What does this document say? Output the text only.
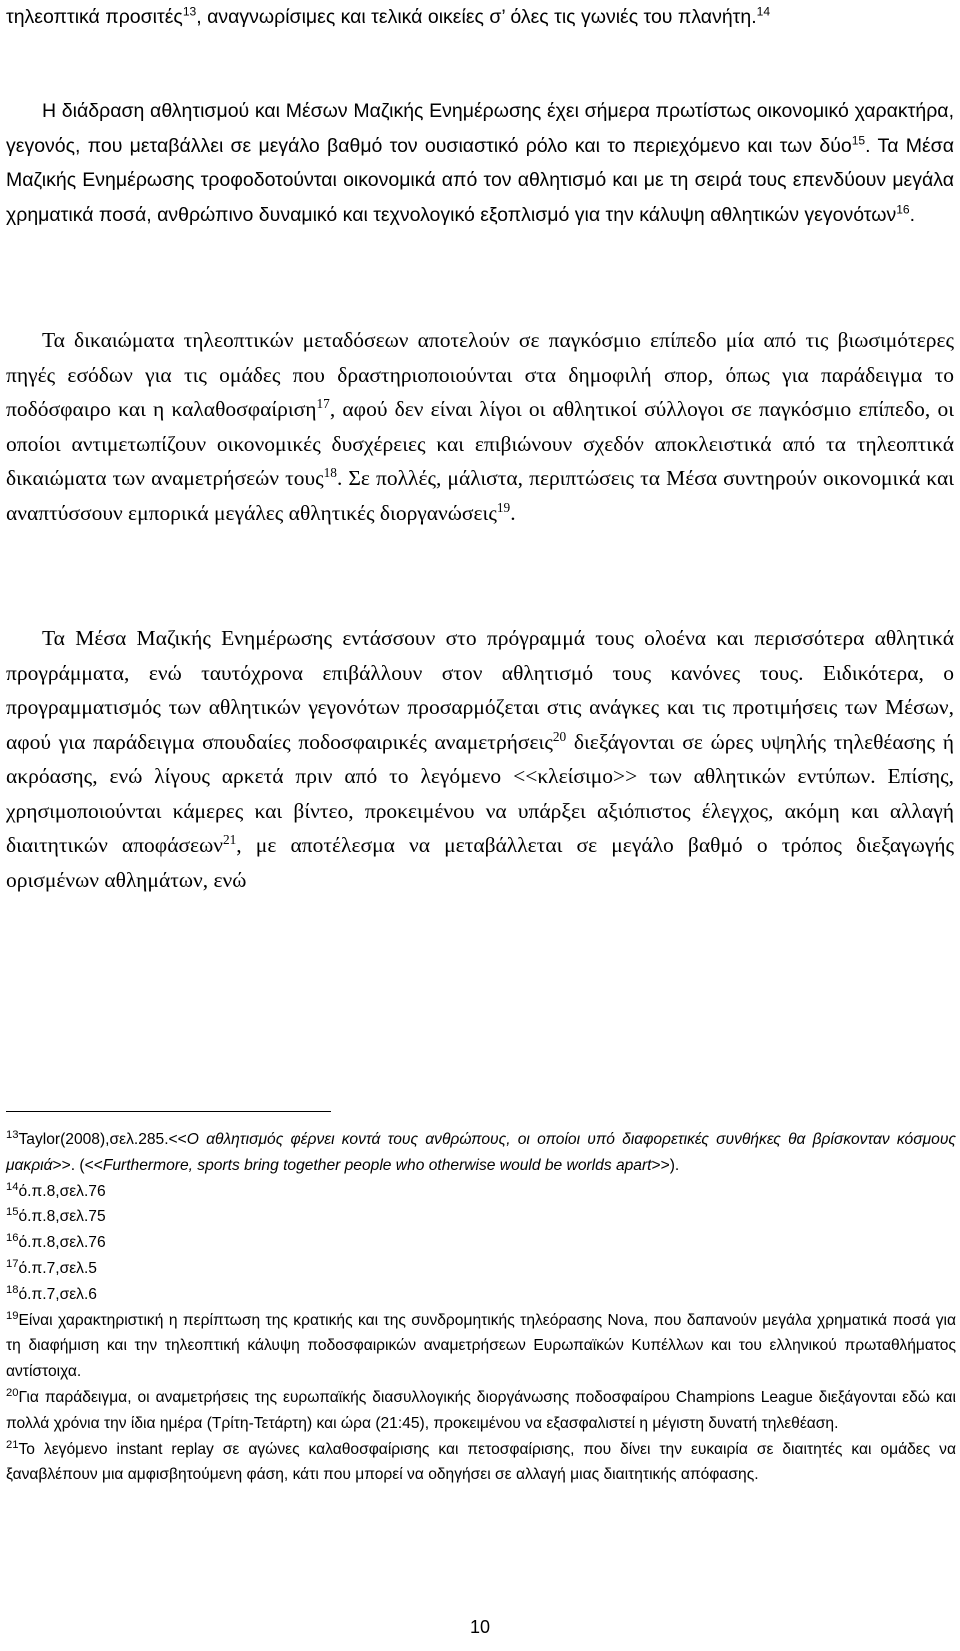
τηλεοπτικά προσιτές$^{13}$, αναγνωρίσιμες και τελικά οικείες σ’ όλες τις γωνιές του πλανήτη.$^{14}$

Η διάδραση αθλητισμού και Μέσων Μαζικής Ενημέρωσης έχει σήμερα πρωτίστως οικονομικό χαρακτήρα, γεγονός, που μεταβάλλει σε μεγάλο βαθμό τον ουσιαστικό ρόλο και το περιεχόμενο και των δύο$^{15}$. Τα Μέσα Μαζικής Ενημέρωσης τροφοδοτούνται οικονομικά από τον αθλητισμό και με τη σειρά τους επενδύουν μεγάλα χρηματικά ποσά, ανθρώπινο δυναμικό και τεχνολογικό εξοπλισμό για την κάλυψη αθλητικών γεγονότων$^{16}$.

Τα δικαιώματα τηλεοπτικών μεταδόσεων αποτελούν σε παγκόσμιο επίπεδο μία από τις βιωσιμότερες πηγές εσόδων για τις ομάδες που δραστηριοποιούνται στα δημοφιλή σπορ, όπως για παράδειγμα το ποδόσφαιρο και η καλαθοσφαίριση$^{17}$, αφού δεν είναι λίγοι οι αθλητικοί σύλλογοι σε παγκόσμιο επίπεδο, οι οποίοι αντιμετωπίζουν οικονομικές δυσχέρειες και επιβιώνουν σχεδόν αποκλειστικά από τα τηλεοπτικά δικαιώματα των αναμετρήσεών τους$^{18}$. Σε πολλές, μάλιστα, περιπτώσεις τα Μέσα συντηρούν οικονομικά και αναπτύσσουν εμπορικά μεγάλες αθλητικές διοργανώσεις$^{19}$.

Τα Μέσα Μαζικής Ενημέρωσης εντάσσουν στο πρόγραμμά τους ολοένα και περισσότερα αθλητικά προγράμματα, ενώ ταυτόχρονα επιβάλλουν στον αθλητισμό τους κανόνες τους. Ειδικότερα, ο προγραμματισμός των αθλητικών γεγονότων προσαρμόζεται στις ανάγκες και τις προτιμήσεις των Μέσων, αφού για παράδειγμα σπουδαίες ποδοσφαιρικές αναμετρήσεις$^{20}$ διεξάγονται σε ώρες υψηλής τηλεθέασης ή ακρόασης, ενώ λίγους αρκετά πριν από το λεγόμενο <<κλείσιμο>> των αθλητικών εντύπων. Επίσης, χρησιμοποιούνται κάμερες και βίντεο, προκειμένου να υπάρξει αξιόπιστος έλεγχος, ακόμη και αλλαγή διαιτητικών αποφάσεων$^{21}$, με αποτέλεσμα να μεταβάλλεται σε μεγάλο βαθμό ο τρόπος διεξαγωγής ορισμένων αθλημάτων, ενώ

$^{13}$Taylor(2008),σελ.285.<<Ο αθλητισμός φέρνει κοντά τους ανθρώπους, οι οποίοι υπό διαφορετικές συνθήκες θα βρίσκονταν κόσμους μακριά>>. (<<Furthermore, sports bring together people who otherwise would be worlds apart>>).

$^{14}$ό.π.8,σελ.76

$^{15}$ό.π.8,σελ.75

$^{16}$ό.π.8,σελ.76

$^{17}$ό.π.7,σελ.5

$^{18}$ό.π.7,σελ.6

$^{19}$Είναι χαρακτηριστική η περίπτωση της κρατικής και της συνδρομητικής τηλεόρασης Nova, που δαπανούν μεγάλα χρηματικά ποσά για τη διαφήμιση και την τηλεοπτική κάλυψη ποδοσφαιρικών αναμετρήσεων Ευρωπαϊκών Κυπέλλων και του ελληνικού πρωταθλήματος αντίστοιχα.

$^{20}$Για παράδειγμα, οι αναμετρήσεις της ευρωπαϊκής διασυλλογικής διοργάνωσης ποδοσφαίρου Champions League διεξάγονται εδώ και πολλά χρόνια την ίδια ημέρα (Τρίτη-Τετάρτη) και ώρα (21:45), προκειμένου να εξασφαλιστεί η μέγιστη δυνατή τηλεθέαση.

$^{21}$Το λεγόμενο instant replay σε αγώνες καλαθοσφαίρισης και πετοσφαίρισης, που δίνει την ευκαιρία σε διαιτητές και ομάδες να ξαναβλέπουν μια αμφισβητούμενη φάση, κάτι που μπορεί να οδηγήσει σε αλλαγή μιας διαιτητικής απόφασης.

10
